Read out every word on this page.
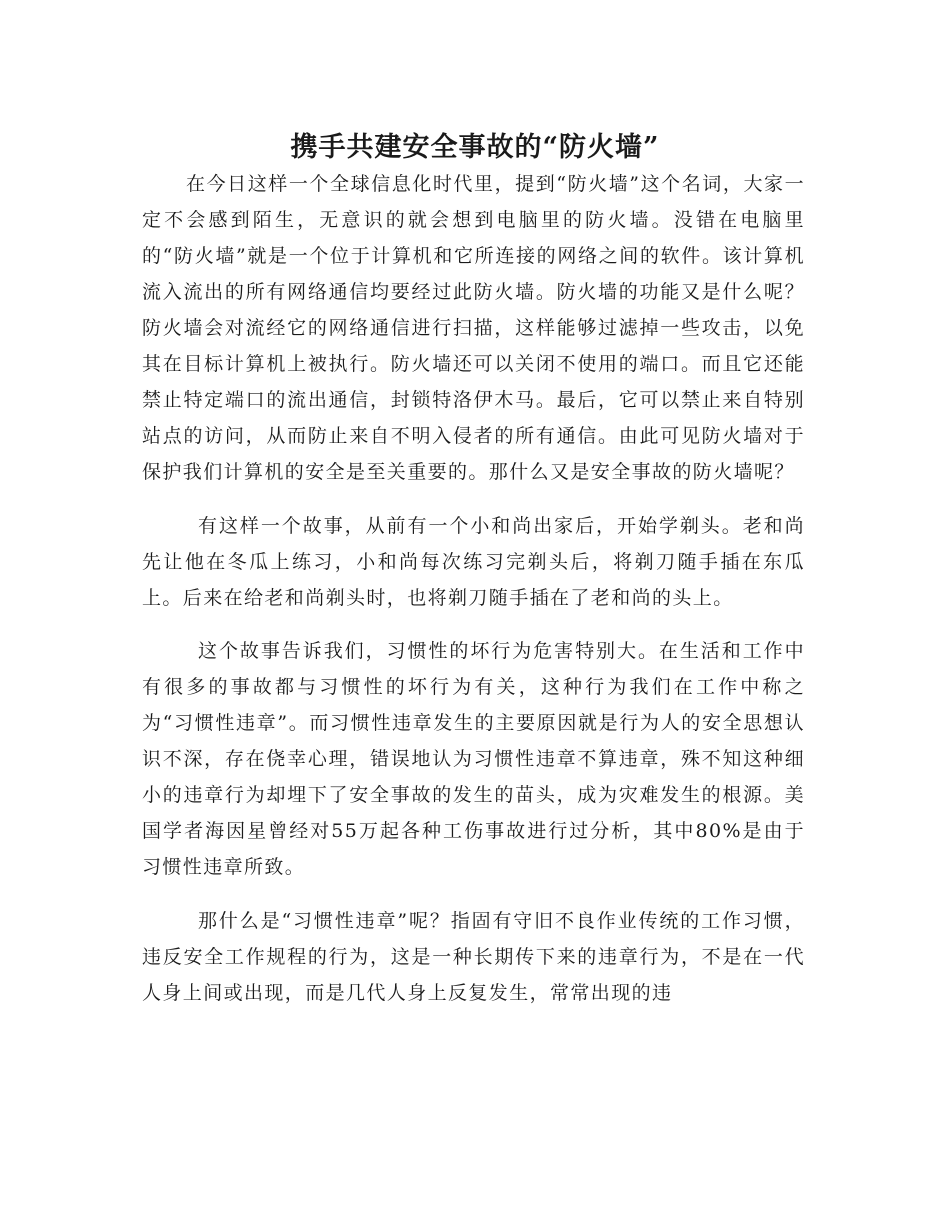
携手共建安全事故的“防火墙”

在今日这样一个全球信息化时代里，提到“防火墙”这个名词，大家一定不会感到陌生，无意识的就会想到电脑里的防火墙。没错在电脑里的“防火墙”就是一个位于计算机和它所连接的网络之间的软件。该计算机流入流出的所有网络通信均要经过此防火墙。防火墙的功能又是什么呢？防火墙会对流经它的网络通信进行扫描，这样能够过滤掉一些攻击，以免其在目标计算机上被执行。防火墙还可以关闭不使用的端口。而且它还能禁止特定端口的流出通信，封锁特洛伊木马。最后，它可以禁止来自特别站点的访问，从而防止来自不明入侵者的所有通信。由此可见防火墙对于保护我们计算机的安全是至关重要的。那什么又是安全事故的防火墙呢？

有这样一个故事，从前有一个小和尚出家后，开始学剃头。老和尚先让他在冬瓜上练习，小和尚每次练习完剃头后，将剃刀随手插在东瓜上。后来在给老和尚剃头时，也将剃刀随手插在了老和尚的头上。

这个故事告诉我们，习惯性的坏行为危害特别大。在生活和工作中有很多的事故都与习惯性的坏行为有关，这种行为我们在工作中称之为“习惯性违章”。而习惯性违章发生的主要原因就是行为人的安全思想认识不深，存在侥幸心理，错误地认为习惯性违章不算违章，殊不知这种细小的违章行为却埋下了安全事故的发生的苗头，成为灾难发生的根源。美国学者海因星曾经对55万起各种工伤事故进行过分析，其中80%是由于习惯性违章所致。

那什么是“习惯性违章”呢？指固有守旧不良作业传统的工作习惯，违反安全工作规程的行为，这是一种长期传下来的违章行为，不是在一代人身上间或出现，而是几代人身上反复发生，常常出现的违
